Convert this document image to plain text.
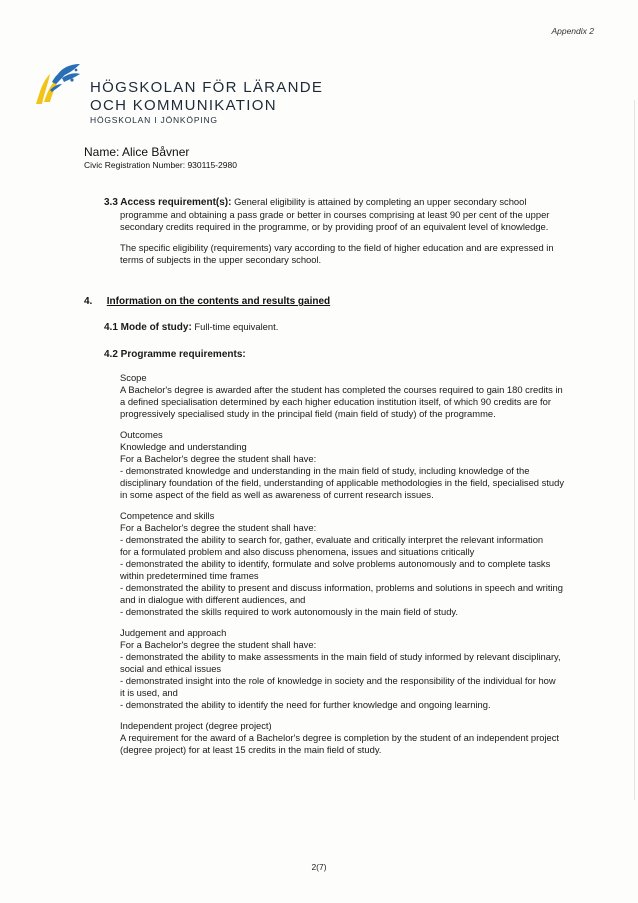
Appendix 2
HÖGSKOLAN FÖR LÄRANDE
OCH KOMMUNIKATION
HÖGSKOLAN I JÖNKÖPING
Name: Alice Båvner
Civic Registration Number: 930115-2980
3.3 Access requirement(s): General eligibility is attained by completing an upper secondary school
programme and obtaining a pass grade or better in courses comprising at least 90 per cent of the upper
secondary credits required in the programme, or by providing proof of an equivalent level of knowledge.
The specific eligibility (requirements) vary according to the field of higher education and are expressed in
terms of subjects in the upper secondary school.
4. Information on the contents and results gained
4.1 Mode of study: Full-time equivalent.
4.2 Programme requirements:
Scope
A Bachelor's degree is awarded after the student has completed the courses required to gain 180 credits in
a defined specialisation determined by each higher education institution itself, of which 90 credits are for
progressively specialised study in the principal field (main field of study) of the programme.
Outcomes
Knowledge and understanding
For a Bachelor's degree the student shall have:
- demonstrated knowledge and understanding in the main field of study, including knowledge of the
disciplinary foundation of the field, understanding of applicable methodologies in the field, specialised study
in some aspect of the field as well as awareness of current research issues.
Competence and skills
For a Bachelor's degree the student shall have:
- demonstrated the ability to search for, gather, evaluate and critically interpret the relevant information
for a formulated problem and also discuss phenomena, issues and situations critically
- demonstrated the ability to identify, formulate and solve problems autonomously and to complete tasks
within predetermined time frames
- demonstrated the ability to present and discuss information, problems and solutions in speech and writing
and in dialogue with different audiences, and
- demonstrated the skills required to work autonomously in the main field of study.
Judgement and approach
For a Bachelor's degree the student shall have:
- demonstrated the ability to make assessments in the main field of study informed by relevant disciplinary,
social and ethical issues
- demonstrated insight into the role of knowledge in society and the responsibility of the individual for how
it is used, and
- demonstrated the ability to identify the need for further knowledge and ongoing learning.
Independent project (degree project)
A requirement for the award of a Bachelor's degree is completion by the student of an independent project
(degree project) for at least 15 credits in the main field of study.
2(7)
